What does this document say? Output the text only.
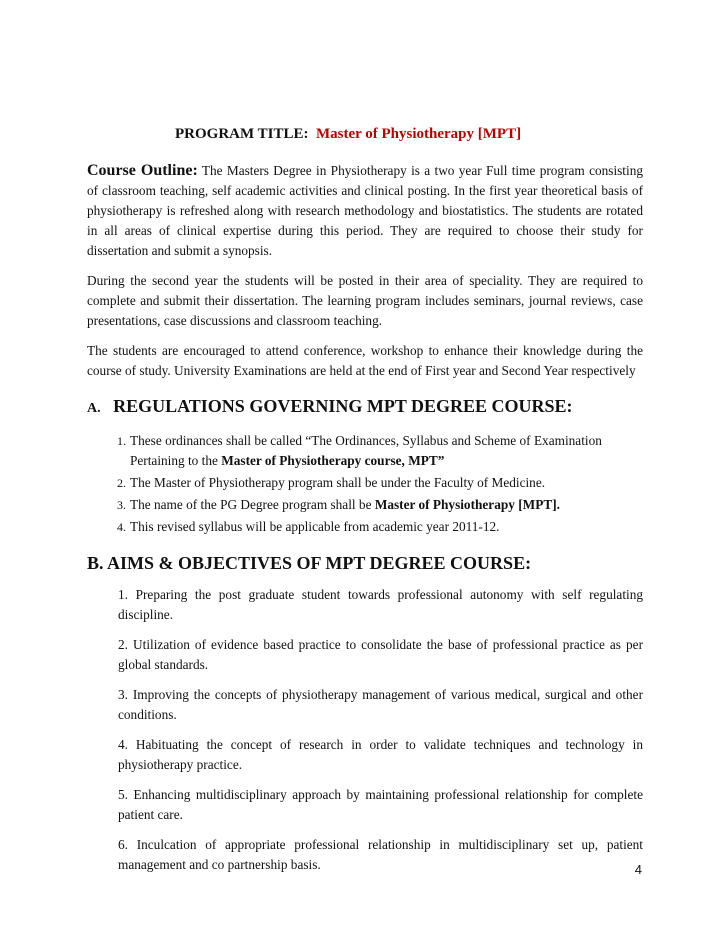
PROGRAM TITLE: Master of Physiotherapy [MPT]

Course Outline: The Masters Degree in Physiotherapy is a two year Full time program consisting of classroom teaching, self academic activities and clinical posting. In the first year theoretical basis of physiotherapy is refreshed along with research methodology and biostatistics. The students are rotated in all areas of clinical expertise during this period. They are required to choose their study for dissertation and submit a synopsis.

During the second year the students will be posted in their area of speciality. They are required to complete and submit their dissertation. The learning program includes seminars, journal reviews, case presentations, case discussions and classroom teaching.

The students are encouraged to attend conference, workshop to enhance their knowledge during the course of study. University Examinations are held at the end of First year and Second Year respectively

A. REGULATIONS GOVERNING MPT DEGREE COURSE:
1. These ordinances shall be called “The Ordinances, Syllabus and Scheme of Examination Pertaining to the Master of Physiotherapy course, MPT”
2. The Master of Physiotherapy program shall be under the Faculty of Medicine.
3. The name of the PG Degree program shall be Master of Physiotherapy [MPT].
4. This revised syllabus will be applicable from academic year 2011-12.
B. AIMS & OBJECTIVES OF MPT DEGREE COURSE:
1. Preparing the post graduate student towards professional autonomy with self regulating discipline.
2. Utilization of evidence based practice to consolidate the base of professional practice as per global standards.
3. Improving the concepts of physiotherapy management of various medical, surgical and other conditions.
4. Habituating the concept of research in order to validate techniques and technology in physiotherapy practice.
5. Enhancing multidisciplinary approach by maintaining professional relationship for complete patient care.
6. Inculcation of appropriate professional relationship in multidisciplinary set up, patient management and co partnership basis.	4
